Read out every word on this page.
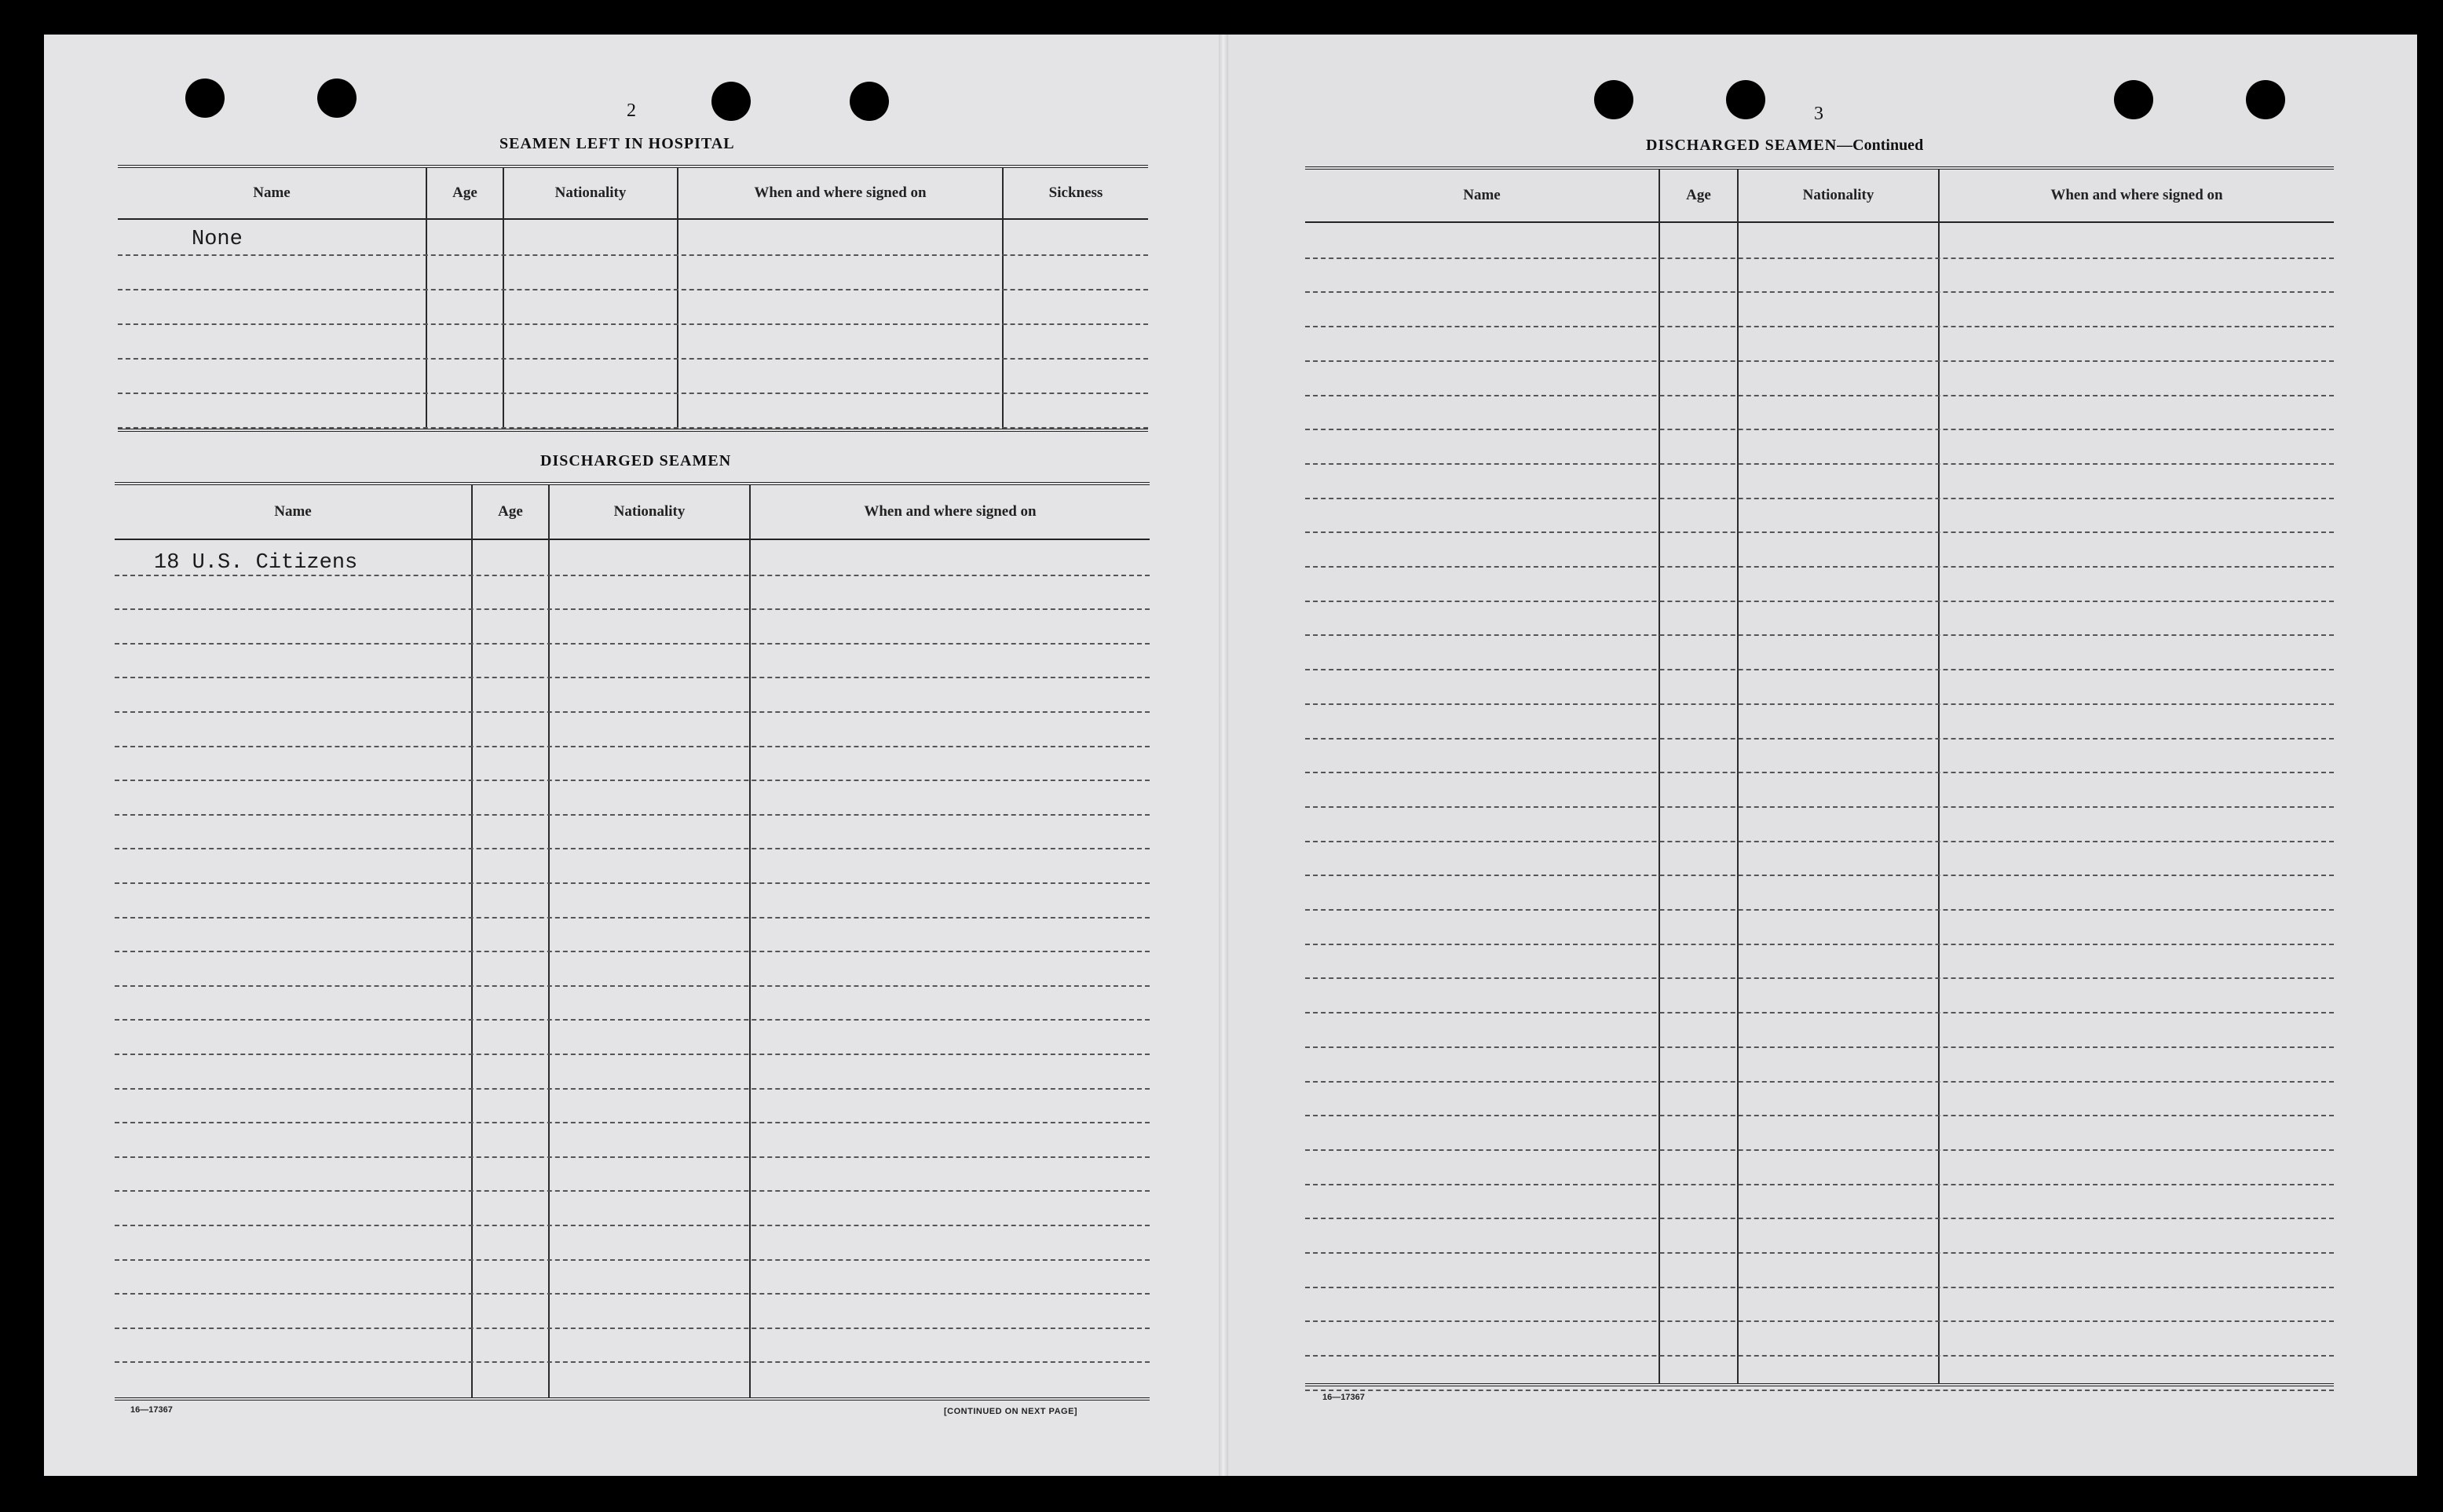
2
SEAMEN LEFT IN HOSPITAL
Name	Age	Nationality	When and where signed on	Sickness
None
DISCHARGED SEAMEN
Name	Age	Nationality	When and where signed on
18 U.S. Citizens
16—17367	[CONTINUED ON NEXT PAGE]
3
DISCHARGED SEAMEN—Continued
Name	Age	Nationality	When and where signed on
16—17367
